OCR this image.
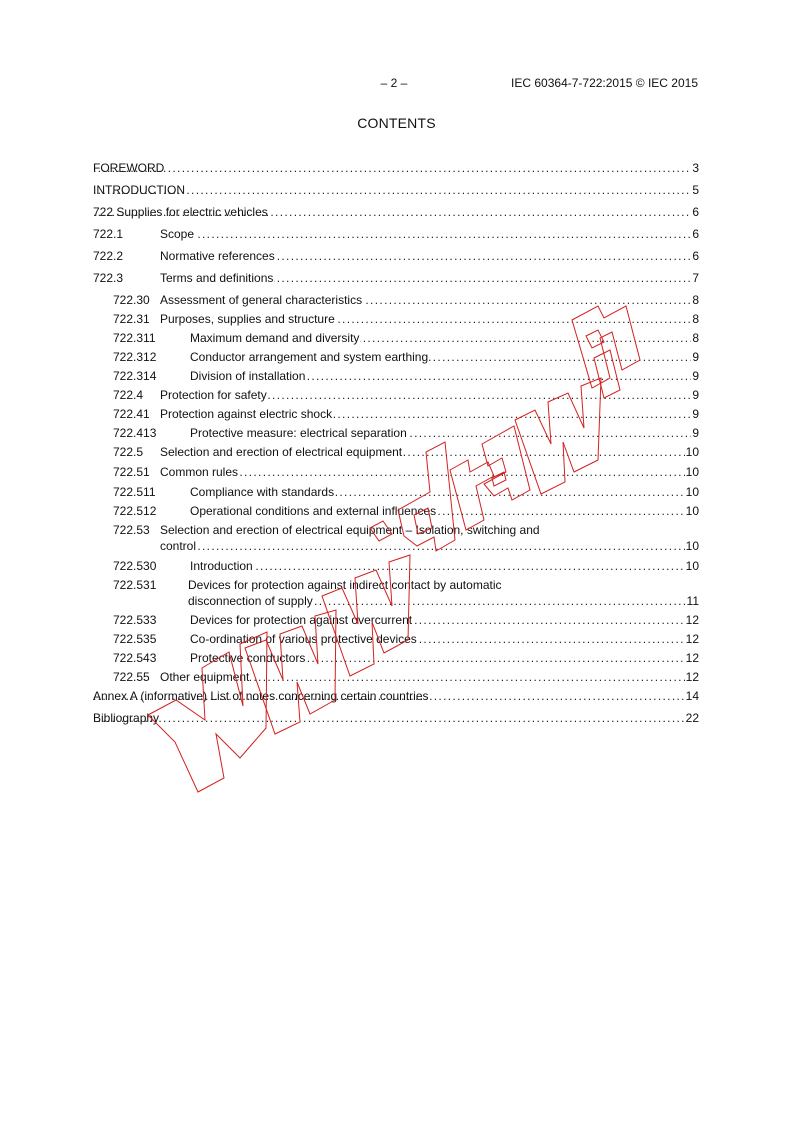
– 2 –	IEC 60364-7-722:2015 © IEC 2015
CONTENTS
FOREWORD	. . . 3
INTRODUCTION	. . . 5
722 Supplies for electric vehicles	. . . 6
722.1	. . . Scope	6
722.2	. . . Normative references	6
722.3	. . . Terms and definitions	7
722.30 . . . Assessment of general characteristics	8
722.31 . . . Purposes, supplies and structure	8
722.311	. . . Maximum demand and diversity	8
722.312	. . . Conductor arrangement and system earthing	9
722.314	. . . Division of installation	9
722.4 . . . Protection for safety	9
722.41 . . . Protection against electric shock	9
722.413	. . . Protective measure: electrical separation	9
722.5 . . . Selection and erection of electrical equipment	10
722.51 . . . Common rules	10
722.511	. . . Compliance with standards	10
722.512	. . . Operational conditions and external influences	10
722.53 Selection and erection of electrical equipment – Isolation, switching and
. . . control	10
722.530	. . . Introduction	10
722.531	Devices for protection against indirect contact by automatic
. . . disconnection of supply	11
722.533	. . . Devices for protection against overcurrent	12
722.535	. . . Co-ordination of various protective devices	12
722.543	. . . Protective conductors	12
722.55 . . . Other equipment	12
Annex A (informative) List of notes concerning certain countries	. . . 14
Bibliography	. . . 22
